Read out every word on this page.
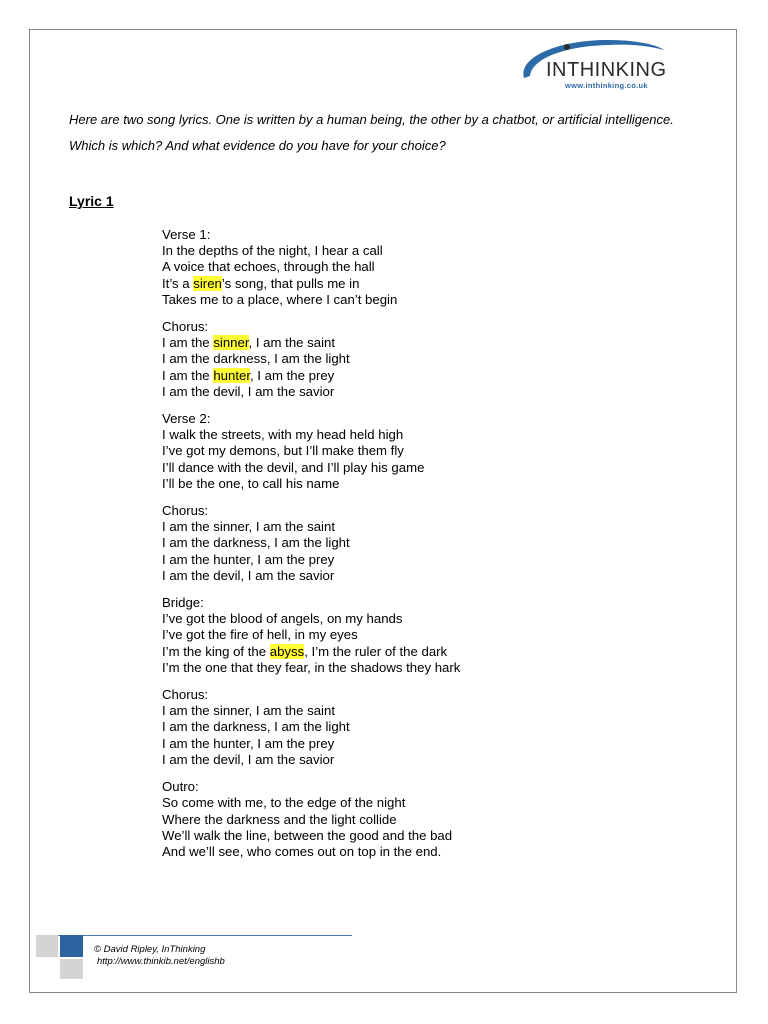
INTHINKING
www.inthinking.co.uk

Here are two song lyrics. One is written by a human being, the other by a chatbot, or artificial intelligence.

Which is which? And what evidence do you have for your choice?

Lyric 1
Verse 1:
In the depths of the night, I hear a call
A voice that echoes, through the hall
It’s a siren’s song, that pulls me in
Takes me to a place, where I can’t begin
Chorus:
I am the sinner, I am the saint
I am the darkness, I am the light
I am the hunter, I am the prey
I am the devil, I am the savior
Verse 2:
I walk the streets, with my head held high
I’ve got my demons, but I’ll make them fly
I’ll dance with the devil, and I’ll play his game
I’ll be the one, to call his name
Chorus:
I am the sinner, I am the saint
I am the darkness, I am the light
I am the hunter, I am the prey
I am the devil, I am the savior
Bridge:
I’ve got the blood of angels, on my hands
I’ve got the fire of hell, in my eyes
I’m the king of the abyss, I’m the ruler of the dark
I’m the one that they fear, in the shadows they hark
Chorus:
I am the sinner, I am the saint
I am the darkness, I am the light
I am the hunter, I am the prey
I am the devil, I am the savior
Outro:
So come with me, to the edge of the night
Where the darkness and the light collide
We’ll walk the line, between the good and the bad
And we’ll see, who comes out on top in the end.
© David Ripley, InThinking
http://www.thinkib.net/englishb
